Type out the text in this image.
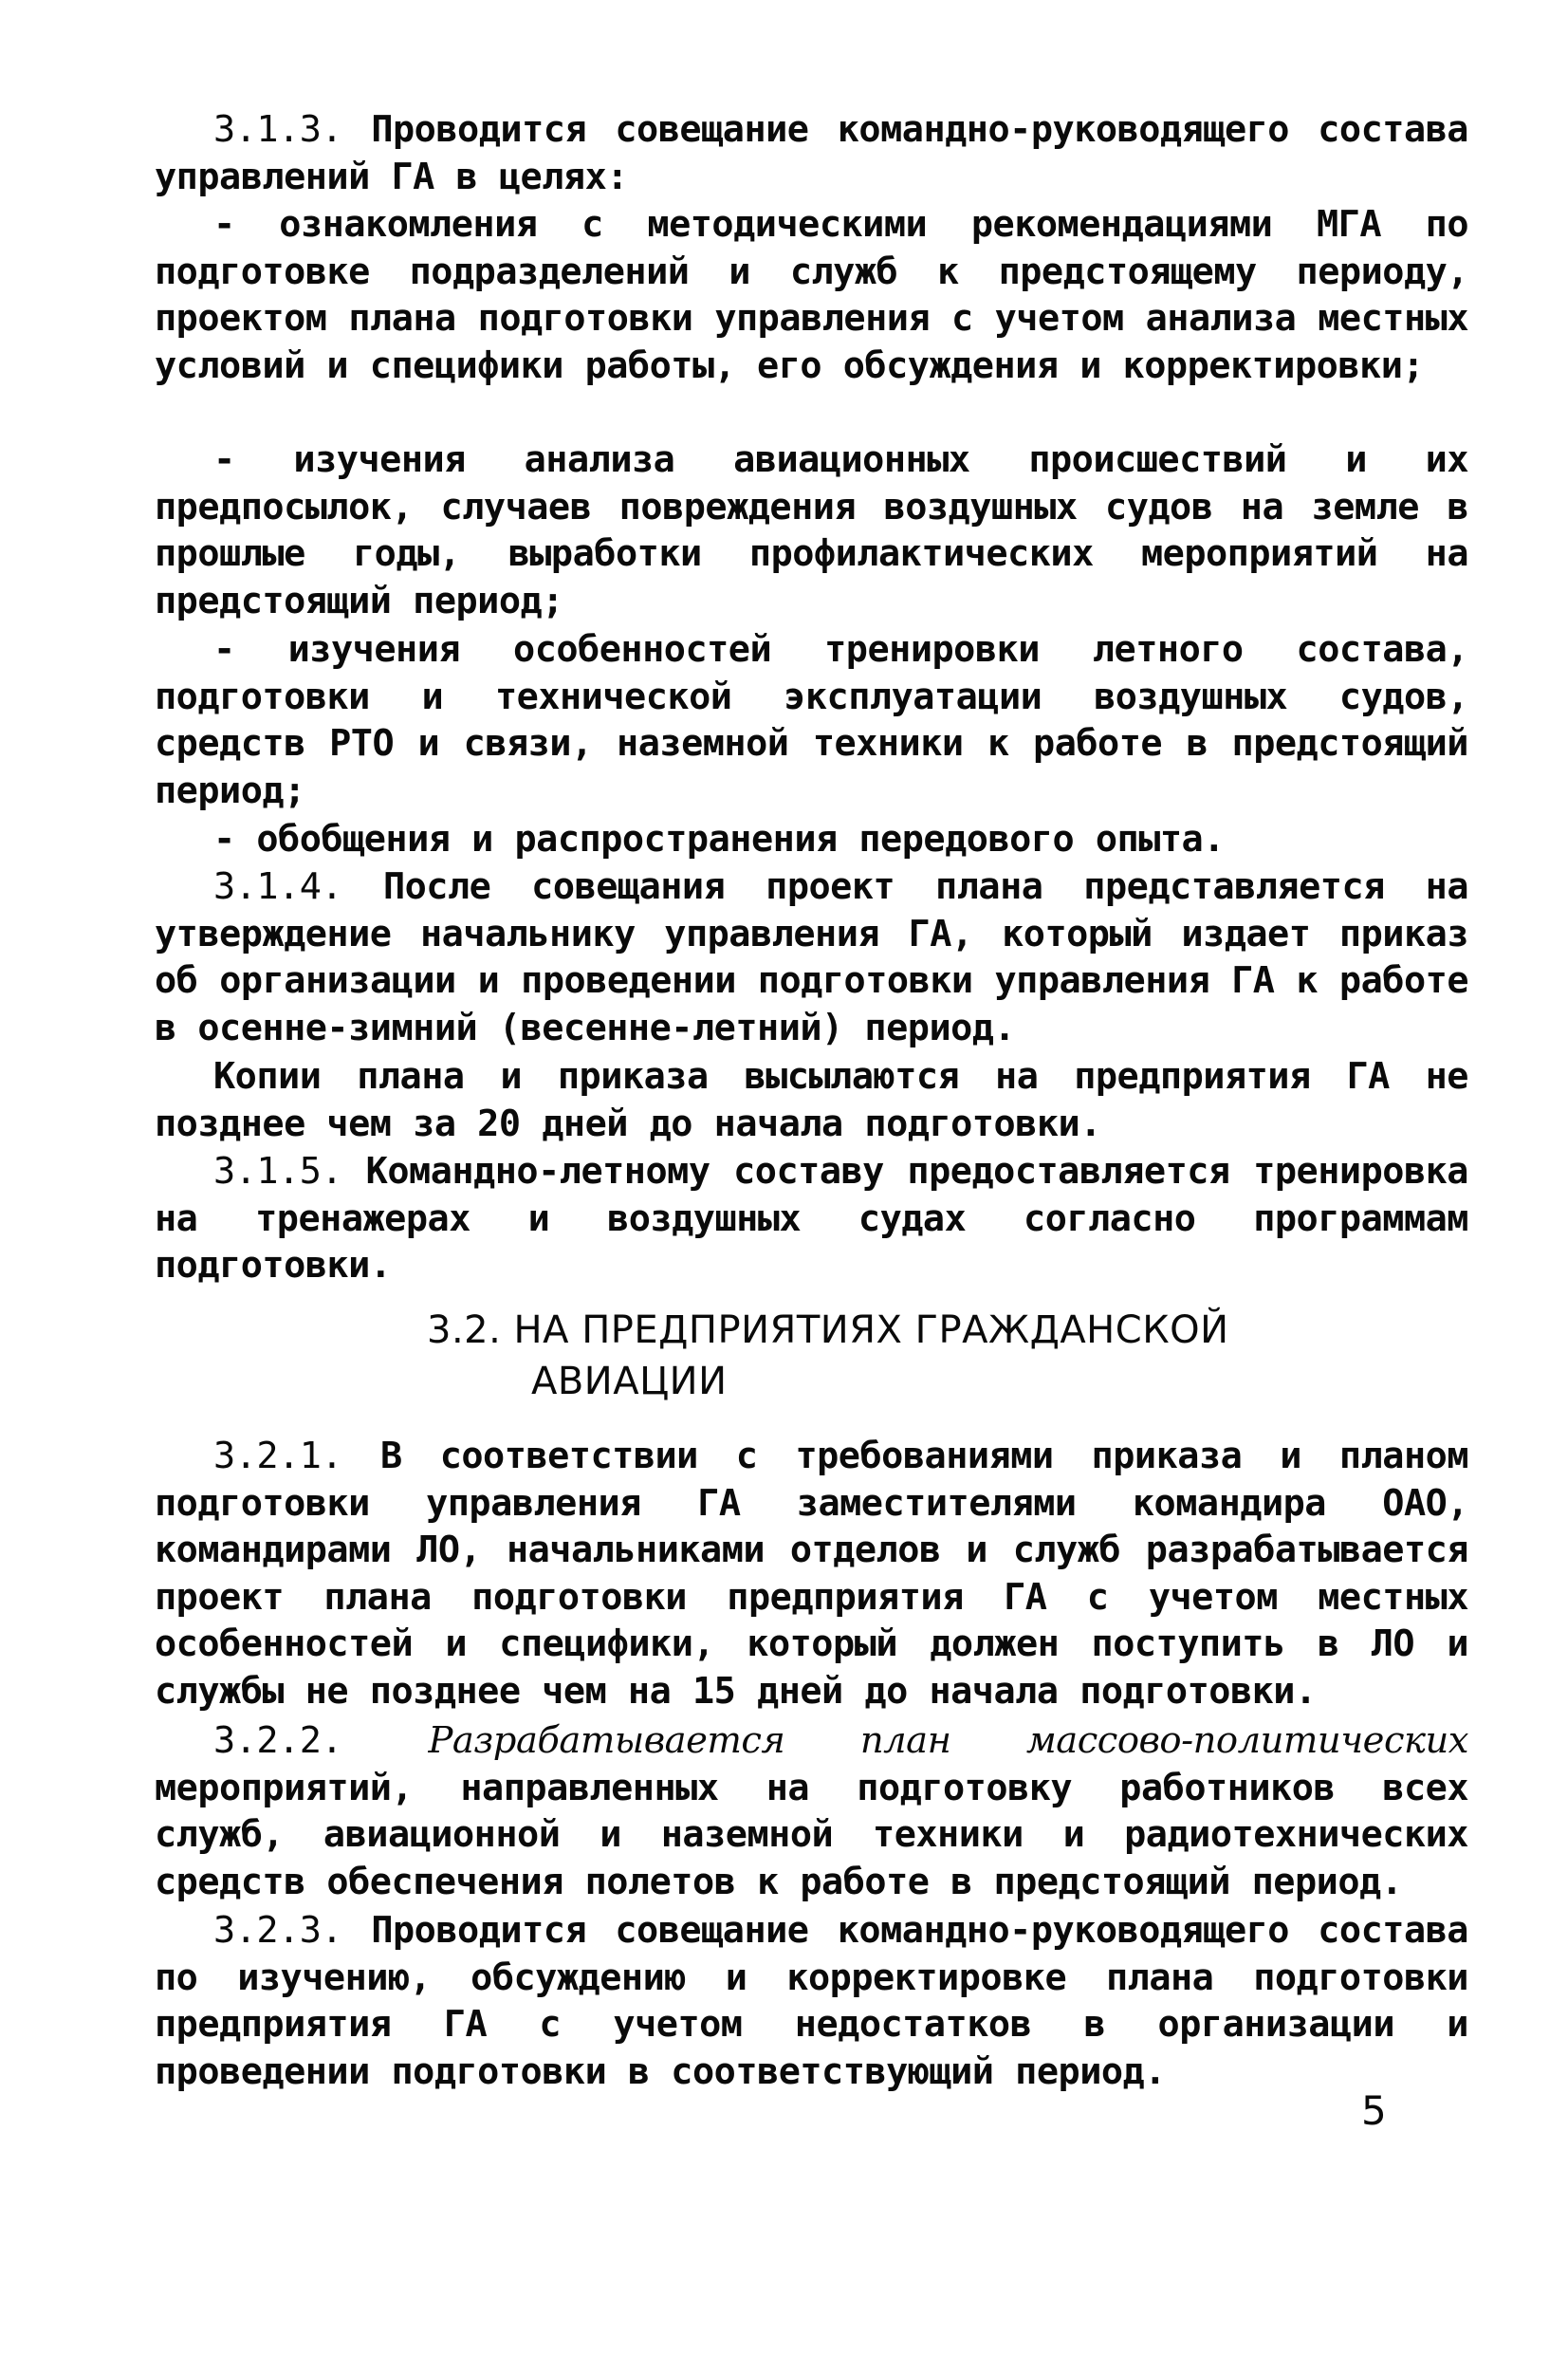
3.1.3. Проводится совещание командно-руководящего состава управлений ГА в целях:

- ознакомления с методическими рекомендациями МГА по подготовке подразделений и служб к предстоящему периоду, проектом плана подготовки управления с учетом анализа местных условий и специфики работы, его обсуждения и корректировки;

- изучения анализа авиационных происшествий и их предпосылок, случаев повреждения воздушных судов на земле в прошлые годы, выработки профилактических мероприятий на предстоящий период;

- изучения особенностей тренировки летного состава, подготовки и технической эксплуатации воздушных судов, средств РТО и связи, наземной техники к работе в предстоящий период;

- обобщения и распространения передового опыта.

3.1.4. После совещания проект плана представляется на утверждение начальнику управления ГА, который издает приказ об организации и проведении подготовки управления ГА к работе в осенне-зимний (весенне-летний) период.

Копии плана и приказа высылаются на предприятия ГА не позднее чем за 20 дней до начала подготовки.

3.1.5. Командно-летному составу предоставляется тренировка на тренажерах и воздушных судах согласно программам подготовки.

3.2. НА ПРЕДПРИЯТИЯХ ГРАЖДАНСКОЙ
АВИАЦИИ

3.2.1. В соответствии с требованиями приказа и планом подготовки управления ГА заместителями командира ОАО, командирами ЛО, начальниками отделов и служб разрабатывается проект плана подготовки предприятия ГА с учетом местных особенностей и специфики, который должен поступить в ЛО и службы не позднее чем на 15 дней до начала подготовки.

3.2.2. Разрабатывается план массово-политических мероприятий, направленных на подготовку работников всех служб, авиационной и наземной техники и радиотехнических средств обеспечения полетов к работе в предстоящий период.

3.2.3. Проводится совещание командно-руководящего состава по изучению, обсуждению и корректировке плана подготовки предприятия ГА с учетом недостатков в организации и проведении подготовки в соответствующий период.

5
